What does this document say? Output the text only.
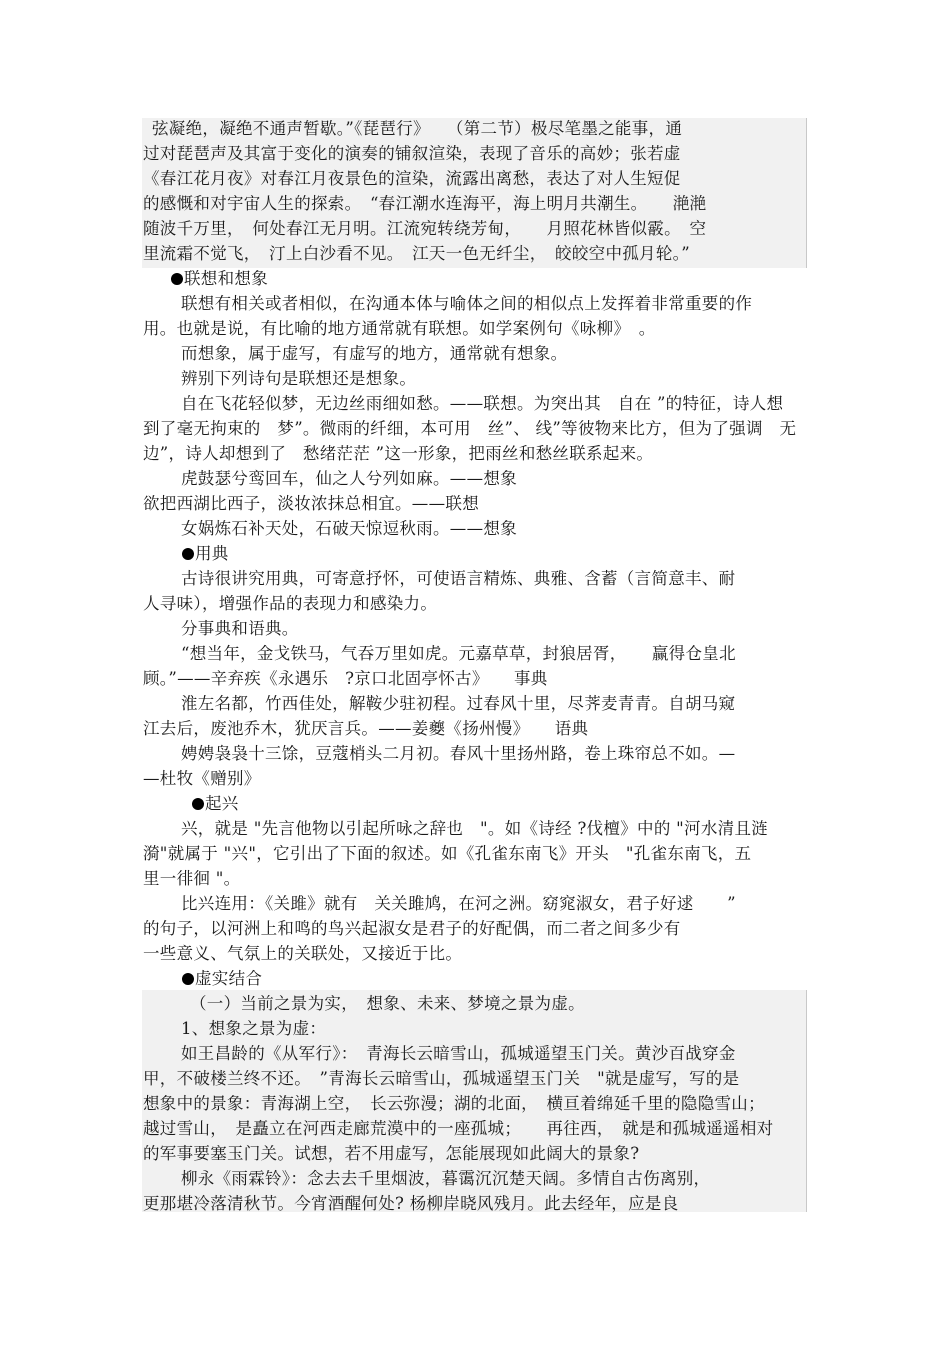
弦凝绝，凝绝不通声暂歇。”《琵琶行》　　（第二节）极尽笔墨之能事，通
过对琵琶声及其富于变化的演奏的铺叙渲染，表现了音乐的高妙；张若虚
《春江花月夜》对春江月夜景色的渲染，流露出离愁，表达了对人生短促
的感慨和对宇宙人生的探索。　“春江潮水连海平，海上明月共潮生。　　滟滟
随波千万里，　何处春江无月明。江流宛转绕芳甸，　　月照花林皆似霰。　空
里流霜不觉飞，　汀上白沙看不见。　江天一色无纤尘，　皎皎空中孤月轮。”
联想和想象
联想有相关或者相似，在沟通本体与喻体之间的相似点上发挥着非常重要的作
用。也就是说，有比喻的地方通常就有联想。如学案例句《咏柳》　。
而想象，属于虚写，有虚写的地方，通常就有想象。
辨别下列诗句是联想还是想象。
自在飞花轻似梦，无边丝雨细如愁。——联想。为突出其　自在 ”的特征，诗人想
到了毫无拘束的　梦”。微雨的纤细，本可用　丝”、 线”等彼物来比方，但为了强调　无
边”，诗人却想到了　愁绪茫茫 ”这一形象，把雨丝和愁丝联系起来。
虎鼓瑟兮鸾回车，仙之人兮列如麻。——想象
欲把西湖比西子，淡妆浓抹总相宜。——联想
女娲炼石补天处，石破天惊逗秋雨。——想象
用典
古诗很讲究用典，可寄意抒怀，可使语言精炼、典雅、含蓄（言简意丰、耐
人寻味），增强作品的表现力和感染力。
分事典和语典。
“想当年，金戈铁马，气吞万里如虎。元嘉草草，封狼居胥，　　赢得仓皇北
顾。”——辛弃疾《永遇乐　?京口北固亭怀古》　　事典
淮左名都，竹西佳处，解鞍少驻初程。过春风十里，尽荠麦青青。自胡马窥
江去后，废池乔木，犹厌言兵。——姜夔《扬州慢》　　语典
娉娉袅袅十三馀，豆蔻梢头二月初。春风十里扬州路，卷上珠帘总不如。—
—杜牧《赠别》
起兴
兴，就是 "先言他物以引起所咏之辞也　"。如《诗经 ?伐檀》中的 "河水清且涟
漪"就属于 "兴"，它引出了下面的叙述。如《孔雀东南飞》开头　"孔雀东南飞，五
里一徘徊 "。
比兴连用：《关雎》就有　关关雎鸠，在河之洲。窈窕淑女，君子好逑　　”
的句子，以河洲上和鸣的鸟兴起淑女是君子的好配偶，而二者之间多少有
一些意义、气氛上的关联处，又接近于比。
虚实结合
（一）当前之景为实，　想象、未来、梦境之景为虚。
1、想象之景为虚：
如王昌龄的《从军行》：　青海长云暗雪山，孤城遥望玉门关。黄沙百战穿金
甲，不破楼兰终不还。　”青海长云暗雪山，孤城遥望玉门关　"就是虚写，写的是
想象中的景象：青海湖上空，　长云弥漫；湖的北面，　横亘着绵延千里的隐隐雪山；
越过雪山，　是矗立在河西走廊荒漠中的一座孤城；　　再往西，　就是和孤城遥遥相对
的军事要塞玉门关。试想，若不用虚写，怎能展现如此阔大的景象?
柳永《雨霖铃》：念去去千里烟波，暮霭沉沉楚天阔。多情自古伤离别，
更那堪冷落清秋节。今宵酒醒何处? 杨柳岸晓风残月。此去经年，应是良
